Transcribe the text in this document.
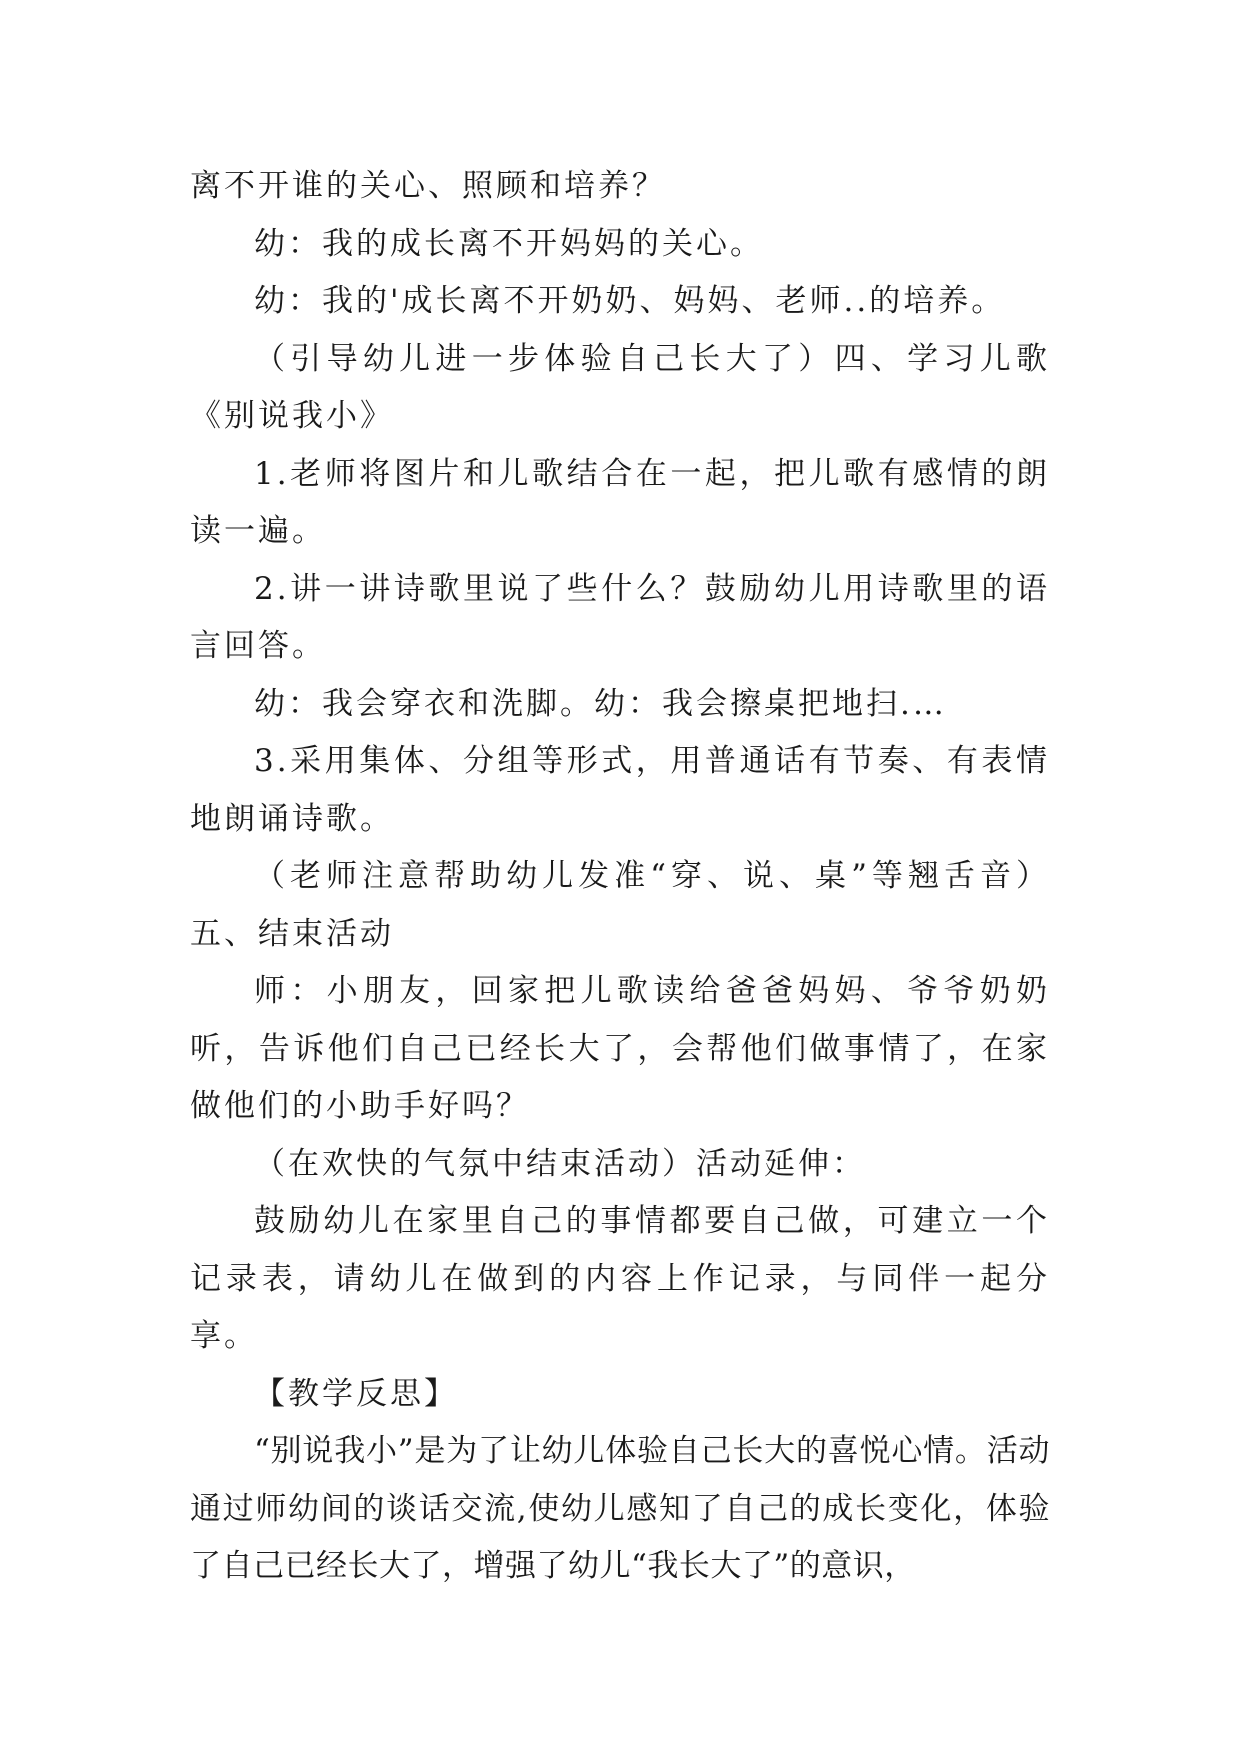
离不开谁的关心、照顾和培养？

幼：我的成长离不开妈妈的关心。

幼：我的'成长离不开奶奶、妈妈、老师..的培养。

（引导幼儿进一步体验自己长大了）四、学习儿歌《别说我小》

1.老师将图片和儿歌结合在一起，把儿歌有感情的朗读一遍。

2.讲一讲诗歌里说了些什么？鼓励幼儿用诗歌里的语言回答。

幼：我会穿衣和洗脚。幼：我会擦桌把地扫.…

3.采用集体、分组等形式，用普通话有节奏、有表情地朗诵诗歌。

（老师注意帮助幼儿发准“穿、说、桌”等翘舌音）五、结束活动

师：小朋友，回家把儿歌读给爸爸妈妈、爷爷奶奶听，告诉他们自己已经长大了，会帮他们做事情了，在家做他们的小助手好吗？

（在欢快的气氛中结束活动）活动延伸：

鼓励幼儿在家里自己的事情都要自己做，可建立一个记录表，请幼儿在做到的内容上作记录，与同伴一起分享。

【教学反思】

“别说我小”是为了让幼儿体验自己长大的喜悦心情。活动通过师幼间的谈话交流,使幼儿感知了自己的成长变化，体验了自己已经长大了，增强了幼儿“我长大了”的意识，
